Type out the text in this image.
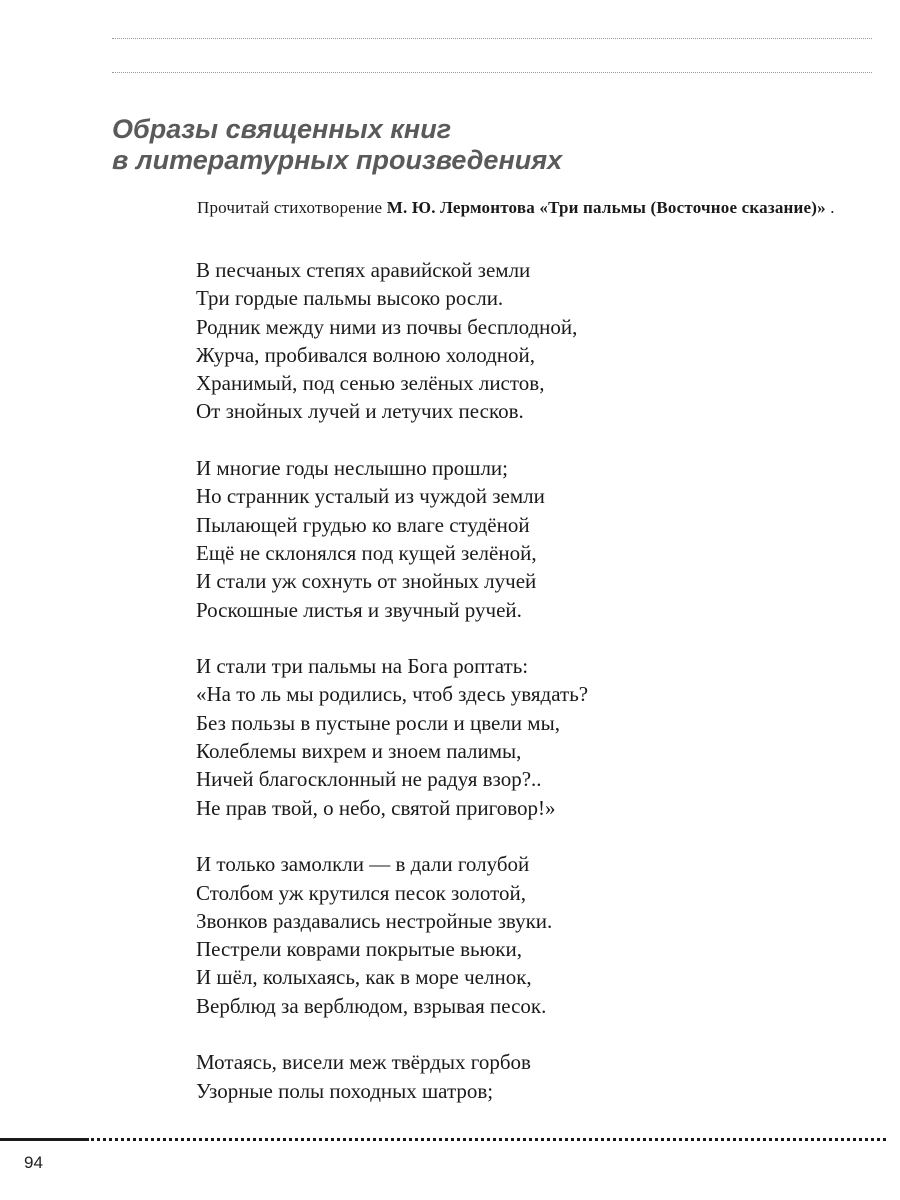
Образы священных книг
в литературных произведениях
Прочитай стихотворение М. Ю. Лермонтова «Три пальмы (Восточное сказание)» .
В песчаных степях аравийской земли
Три гордые пальмы высоко росли.
Родник между ними из почвы бесплодной,
Журча, пробивался волною холодной,
Хранимый, под сенью зелёных листов,
От знойных лучей и летучих песков.
И многие годы неслышно прошли;
Но странник усталый из чуждой земли
Пылающей грудью ко влаге студёной
Ещё не склонялся под кущей зелёной,
И стали уж сохнуть от знойных лучей
Роскошные листья и звучный ручей.
И стали три пальмы на Бога роптать:
«На то ль мы родились, чтоб здесь увядать?
Без пользы в пустыне росли и цвели мы,
Колеблемы вихрем и зноем палимы,
Ничей благосклонный не радуя взор?..
Не прав твой, о небо, святой приговор!»
И только замолкли — в дали голубой
Столбом уж крутился песок золотой,
Звонков раздавались нестройные звуки.
Пестрели коврами покрытые вьюки,
И шёл, колыхаясь, как в море челнок,
Верблюд за верблюдом, взрывая песок.
Мотаясь, висели меж твёрдых горбов
Узорные полы походных шатров;
94
